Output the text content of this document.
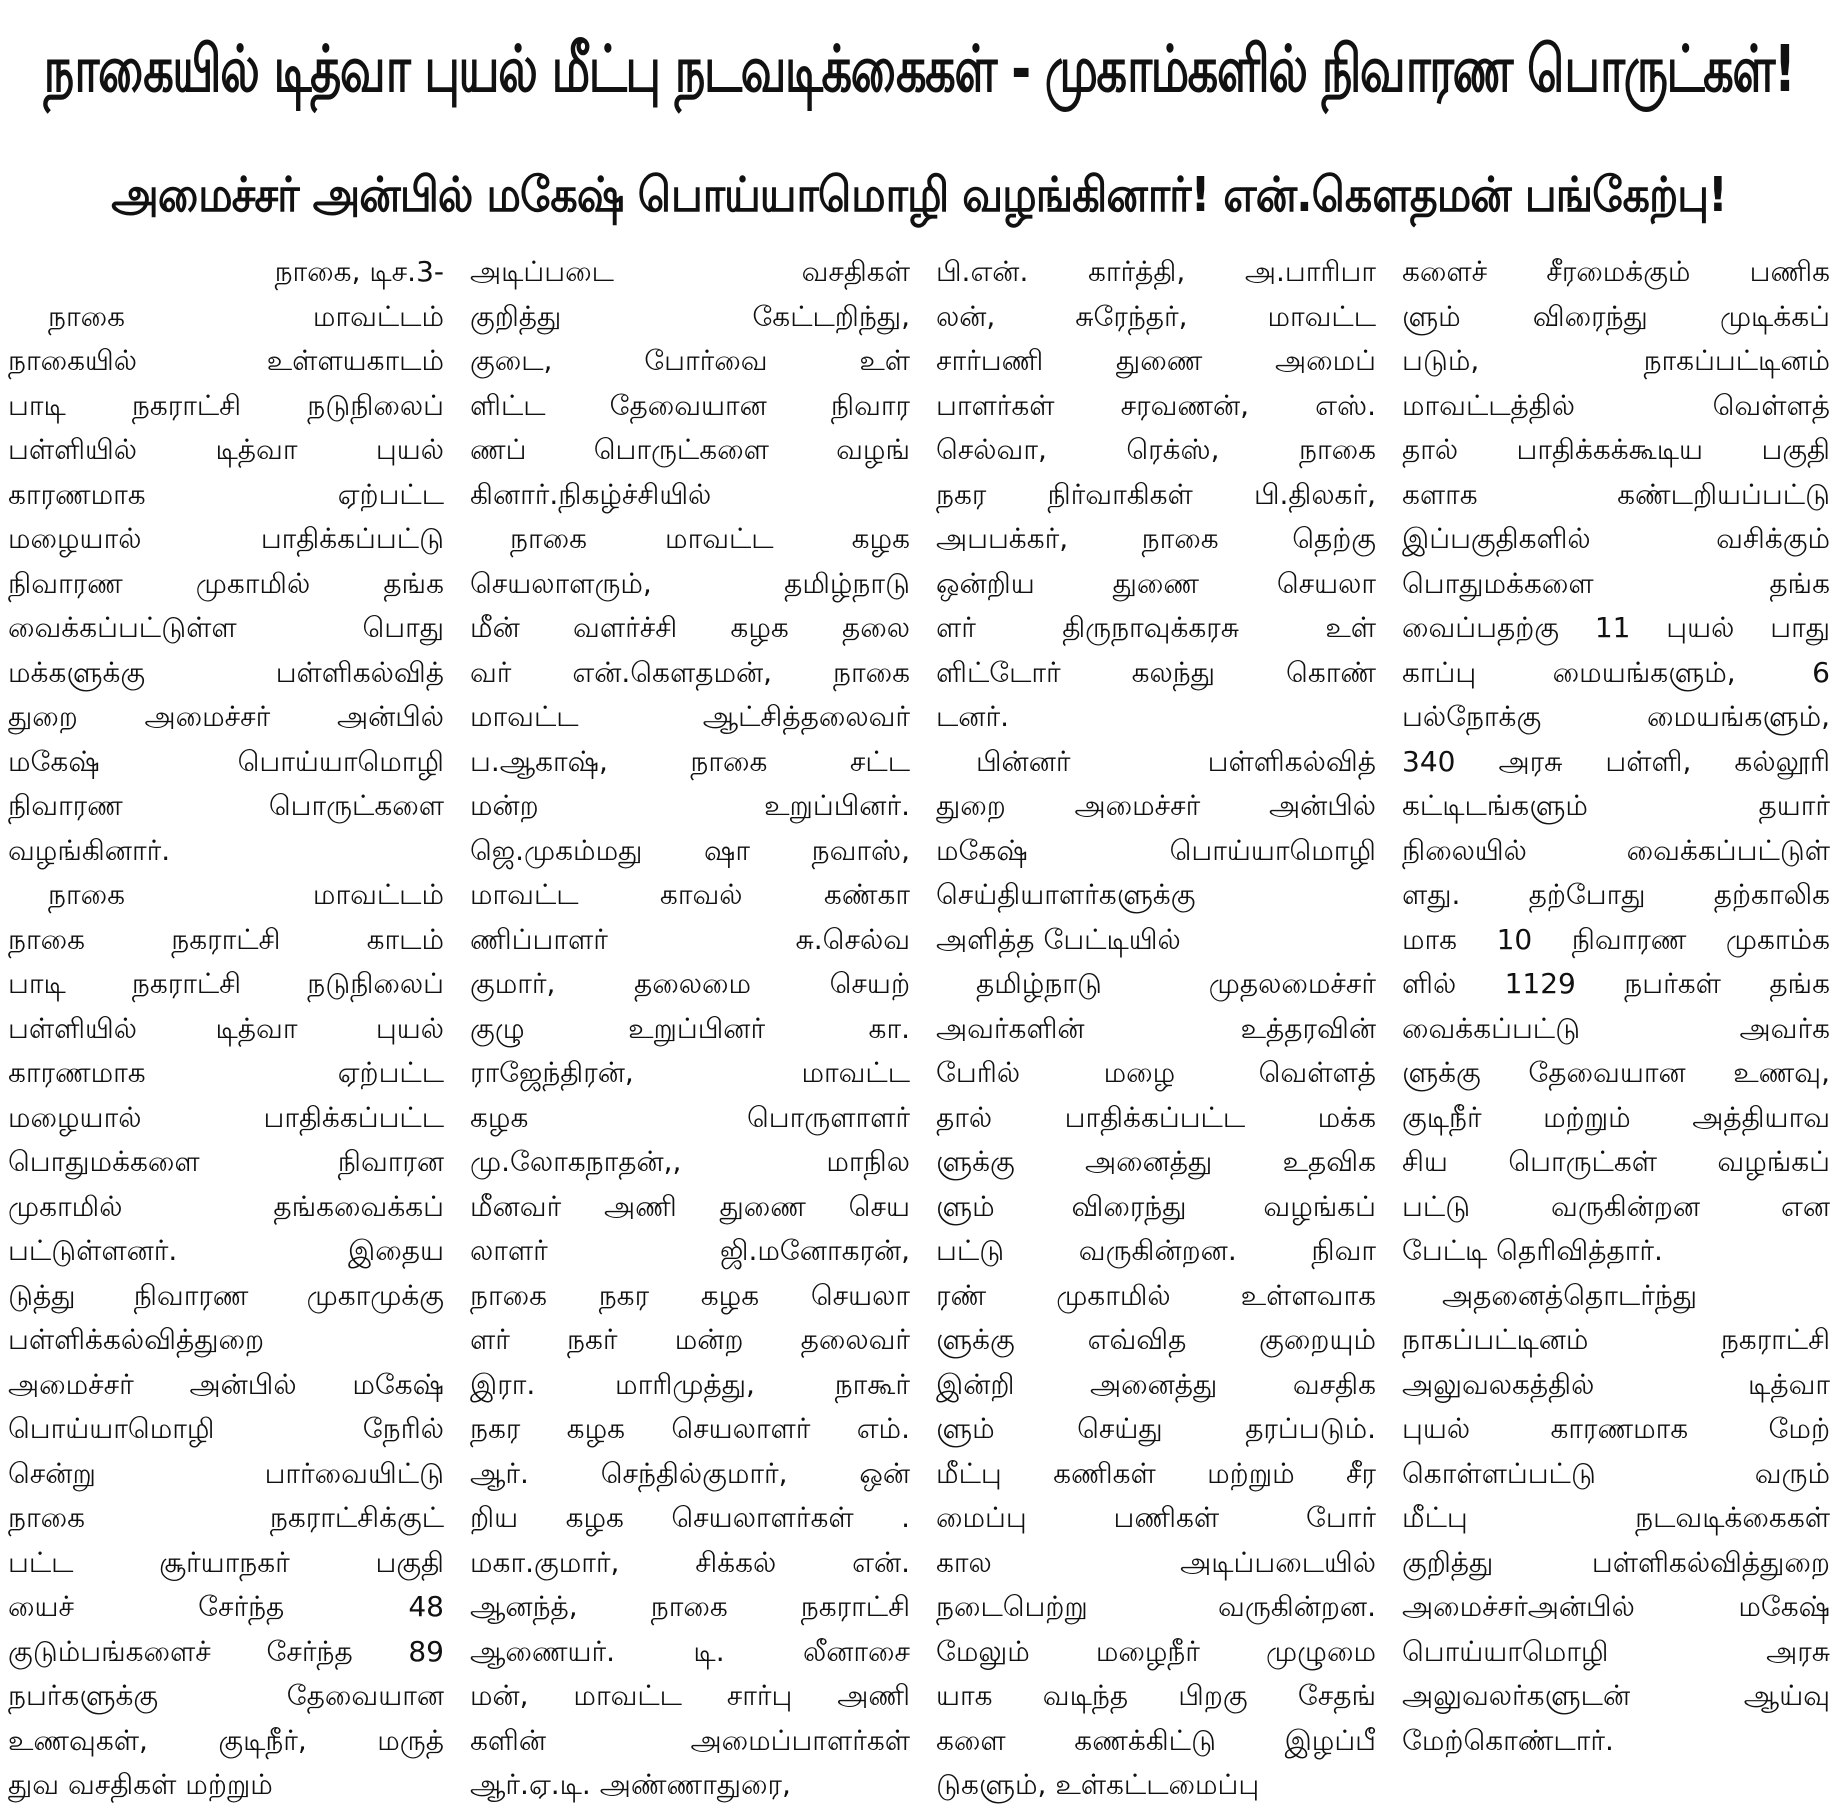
நாகையில் டித்வா புயல் மீட்பு நடவடிக்கைகள் - முகாம்களில் நிவாரண பொருட்கள்!
அமைச்சர் அன்பில் மகேஷ் பொய்யாமொழி வழங்கினார்! என்.கௌதமன் பங்கேற்பு!
நாகை, டிச.3-
நாகை மாவட்டம்
நாகையில் உள்ளயகாடம்
பாடி நகராட்சி நடுநிலைப்
பள்ளியில் டித்வா புயல்
காரணமாக ஏற்பட்ட
மழையால் பாதிக்கப்பட்டு
நிவாரண முகாமில் தங்க
வைக்கப்பட்டுள்ள பொது
மக்களுக்கு பள்ளிகல்வித்
துறை அமைச்சர் அன்பில்
மகேஷ் பொய்யாமொழி
நிவாரண பொருட்களை
வழங்கினார்.
நாகை மாவட்டம்
நாகை நகராட்சி காடம்
பாடி நகராட்சி நடுநிலைப்
பள்ளியில் டித்வா புயல்
காரணமாக ஏற்பட்ட
மழையால் பாதிக்கப்பட்ட
பொதுமக்களை நிவாரன
முகாமில் தங்கவைக்கப்
பட்டுள்ளனர். இதைய
டுத்து நிவாரண முகாமுக்கு
பள்ளிக்கல்வித்துறை
அமைச்சர் அன்பில் மகேஷ்
பொய்யாமொழி நேரில்
சென்று பார்வையிட்டு
நாகை நகராட்சிக்குட்
பட்ட சூர்யாநகர் பகுதி
யைச் சேர்ந்த 48
குடும்பங்களைச் சேர்ந்த 89
நபர்களுக்கு தேவையான
உணவுகள், குடிநீர், மருத்
துவ வசதிகள் மற்றும்
அடிப்படை வசதிகள்
குறித்து கேட்டறிந்து,
குடை, போர்வை உள்
ளிட்ட தேவையான நிவார
ணப் பொருட்களை வழங்
கினார்.நிகழ்ச்சியில்
நாகை மாவட்ட கழக
செயலாளரும், தமிழ்நாடு
மீன் வளர்ச்சி கழக தலை
வர் என்.கௌதமன், நாகை
மாவட்ட ஆட்சித்தலைவர்
ப.ஆகாஷ், நாகை சட்ட
மன்ற உறுப்பினர்.
ஜெ.முகம்மது ஷா நவாஸ்,
மாவட்ட காவல் கண்கா
ணிப்பாளர் சு.செல்வ
குமார், தலைமை செயற்
குழு உறுப்பினர் கா.
ராஜேந்திரன், மாவட்ட
கழக பொருளாளர்
மு.லோகநாதன்,, மாநில
மீனவர் அணி துணை செய
லாளர் ஜி.மனோகரன்,
நாகை நகர கழக செயலா
ளர் நகர் மன்ற தலைவர்
இரா. மாரிமுத்து, நாகூர்
நகர கழக செயலாளர் எம்.
ஆர். செந்தில்குமார், ஒன்
றிய கழக செயலாளர்கள் .
மகா.குமார், சிக்கல் என்.
ஆனந்த், நாகை நகராட்சி
ஆணையர். டி. லீனாசை
மன், மாவட்ட சார்பு அணி
களின் அமைப்பாளர்கள்
ஆர்.ஏ.டி. அண்ணாதுரை,
பி.என். கார்த்தி, அ.பாரிபா
லன், சுரேந்தர், மாவட்ட
சார்பணி துணை அமைப்
பாளர்கள் சரவணன், எஸ்.
செல்வா, ரெக்ஸ், நாகை
நகர நிர்வாகிகள் பி.திலகர்,
அபபக்கர், நாகை தெற்கு
ஒன்றிய துணை செயலா
ளர் திருநாவுக்கரசு உள்
ளிட்டோர் கலந்து கொண்
டனர்.
பின்னர் பள்ளிகல்வித்
துறை அமைச்சர் அன்பில்
மகேஷ் பொய்யாமொழி
செய்தியாளர்களுக்கு
அளித்த பேட்டியில்
தமிழ்நாடு முதலமைச்சர்
அவர்களின் உத்தரவின்
பேரில் மழை வெள்ளத்
தால் பாதிக்கப்பட்ட மக்க
ளுக்கு அனைத்து உதவிக
ளும் விரைந்து வழங்கப்
பட்டு வருகின்றன. நிவா
ரண் முகாமில் உள்ளவாக
ளுக்கு எவ்வித குறையும்
இன்றி அனைத்து வசதிக
ளும் செய்து தரப்படும்.
மீட்பு கணிகள் மற்றும் சீர
மைப்பு பணிகள் போர்
கால அடிப்படையில்
நடைபெற்று வருகின்றன.
மேலும் மழைநீர் முழுமை
யாக வடிந்த பிறகு சேதங்
களை கணக்கிட்டு இழப்பீ
டுகளும், உள்கட்டமைப்பு
களைச் சீரமைக்கும் பணிக
ளும் விரைந்து முடிக்கப்
படும், நாகப்பட்டினம்
மாவட்டத்தில் வெள்ளத்
தால் பாதிக்கக்கூடிய பகுதி
களாக கண்டறியப்பட்டு
இப்பகுதிகளில் வசிக்கும்
பொதுமக்களை தங்க
வைப்பதற்கு 11 புயல் பாது
காப்பு மையங்களும், 6
பல்நோக்கு மையங்களும்,
340 அரசு பள்ளி, கல்லூரி
கட்டிடங்களும் தயார்
நிலையில் வைக்கப்பட்டுள்
ளது. தற்போது தற்காலிக
மாக 10 நிவாரண முகாம்க
ளில் 1129 நபர்கள் தங்க
வைக்கப்பட்டு அவர்க
ளுக்கு தேவையான உணவு,
குடிநீர் மற்றும் அத்தியாவ
சிய பொருட்கள் வழங்கப்
பட்டு வருகின்றன என
பேட்டி தெரிவித்தார்.
அதனைத்தொடர்ந்து
நாகப்பட்டினம் நகராட்சி
அலுவலகத்தில் டித்வா
புயல் காரணமாக மேற்
கொள்ளப்பட்டு வரும்
மீட்பு நடவடிக்கைகள்
குறித்து பள்ளிகல்வித்துறை
அமைச்சர்அன்பில் மகேஷ்
பொய்யாமொழி அரசு
அலுவலர்களுடன் ஆய்வு
மேற்கொண்டார்.
